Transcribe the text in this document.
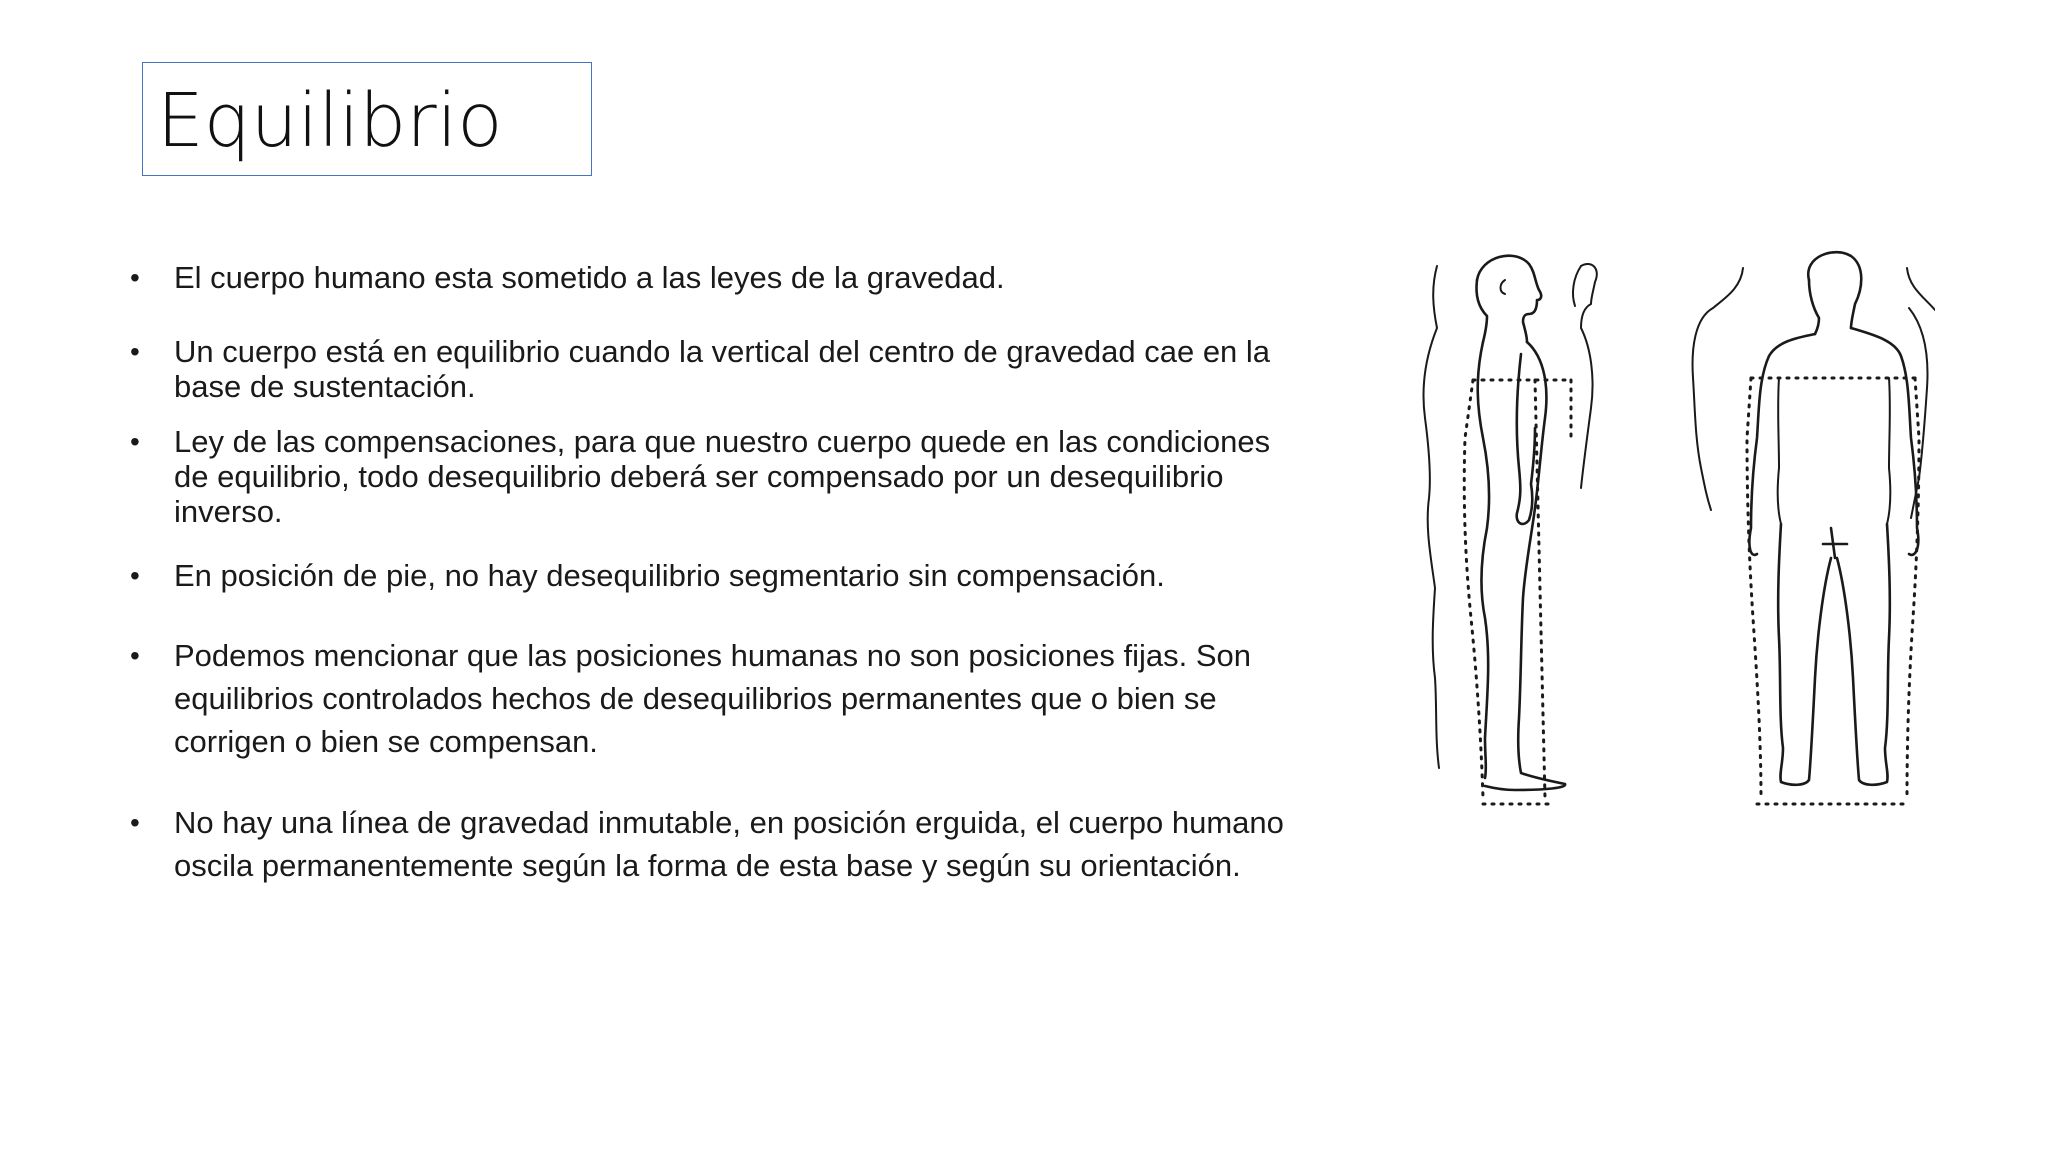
Equilibrio
•	El cuerpo humano esta sometido a las leyes de la gravedad.
•	Un cuerpo está en equilibrio cuando la vertical del centro de gravedad cae en la base de sustentación.
•	Ley de las compensaciones, para que nuestro cuerpo quede en las condiciones de equilibrio, todo desequilibrio deberá ser compensado por un desequilibrio inverso.
•	En posición de pie, no hay desequilibrio segmentario sin compensación.
•	Podemos mencionar que las posiciones humanas no son posiciones fijas. Son equilibrios controlados hechos de desequilibrios permanentes que o bien se corrigen o bien se compensan.
•	No hay una línea de gravedad inmutable, en posición erguida, el cuerpo humano oscila permanentemente según la forma de esta base y según su orientación.
